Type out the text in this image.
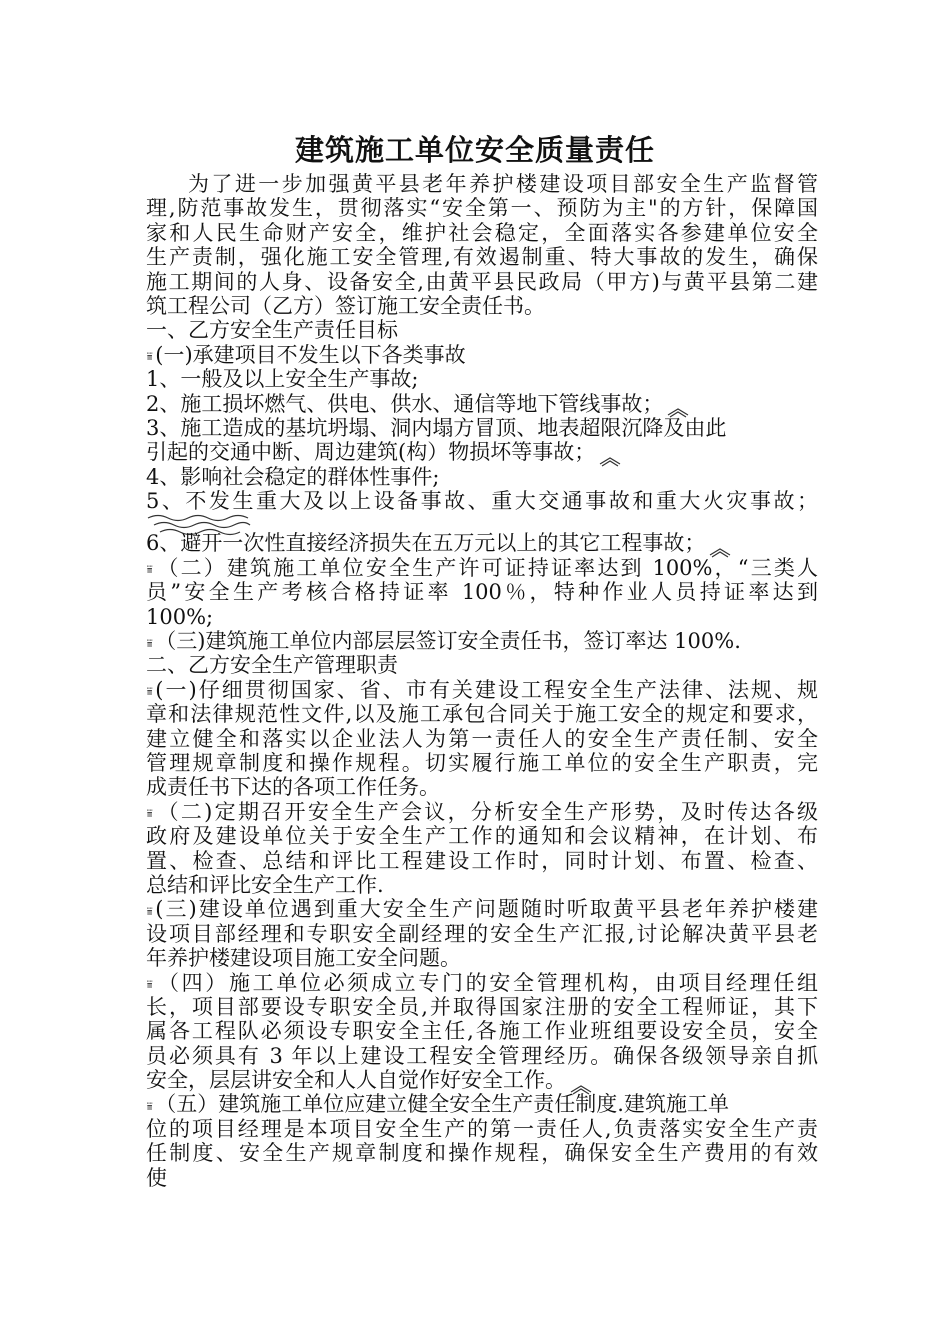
建筑施工单位安全质量责任
为了进一步加强黄平县老年养护楼建设项目部安全生产监督管
理,防范事故发生，贯彻落实“安全第一、预防为主"的方针，保障国
家和人民生命财产安全，维护社会稳定，全面落实各参建单位安全
生产责制，强化施工安全管理,有效遏制重、特大事故的发生，确保
施工期间的人身、设备安全,由黄平县民政局（甲方)与黄平县第二建
筑工程公司（乙方）签订施工安全责任书。
一、乙方安全生产责任目标
⩸ (一)承建项目不发生以下各类事故
1、一般及以上安全生产事故;
2、施工损坏燃气、供电、供水、通信等地下管线事故；
3、施工造成的基坑坍塌、洞内塌方冒顶、地表超限沉降及由此
引起的交通中断、周边建筑(构）物损坏等事故；
4、影响社会稳定的群体性事件;
5、不发生重大及以上设备事故、重大交通事故和重大火灾事故；
6、避开一次性直接经济损失在五万元以上的其它工程事故；
⩸ （二）建筑施工单位安全生产许可证持证率达到 100%，“三类人
员”安全生产考核合格持证率 100％，特种作业人员持证率达到
100%;
⩸ （三)建筑施工单位内部层层签订安全责任书，签订率达 100%.
二、乙方安全生产管理职责
⩸ (一)仔细贯彻国家、省、市有关建设工程安全生产法律、法规、规
章和法律规范性文件,以及施工承包合同关于施工安全的规定和要求，
建立健全和落实以企业法人为第一责任人的安全生产责任制、安全
管理规章制度和操作规程。切实履行施工单位的安全生产职责，完
成责任书下达的各项工作任务。
⩸ （二)定期召开安全生产会议，分析安全生产形势，及时传达各级
政府及建设单位关于安全生产工作的通知和会议精神，在计划、布
置、检查、总结和评比工程建设工作时，同时计划、布置、检查、
总结和评比安全生产工作.
⩸ (三)建设单位遇到重大安全生产问题随时听取黄平县老年养护楼建
设项目部经理和专职安全副经理的安全生产汇报,讨论解决黄平县老
年养护楼建设项目施工安全问题。
⩸ （四）施工单位必须成立专门的安全管理机构，由项目经理任组
长，项目部要设专职安全员,并取得国家注册的安全工程师证，其下
属各工程队必须设专职安全主任,各施工作业班组要设安全员，安全
员必须具有 3 年以上建设工程安全管理经历。确保各级领导亲自抓
安全，层层讲安全和人人自觉作好安全工作。
⩸ （五）建筑施工单位应建立健全安全生产责任制度.建筑施工单
位的项目经理是本项目安全生产的第一责任人,负责落实安全生产责
任制度、安全生产规章制度和操作规程，确保安全生产费用的有效
使
